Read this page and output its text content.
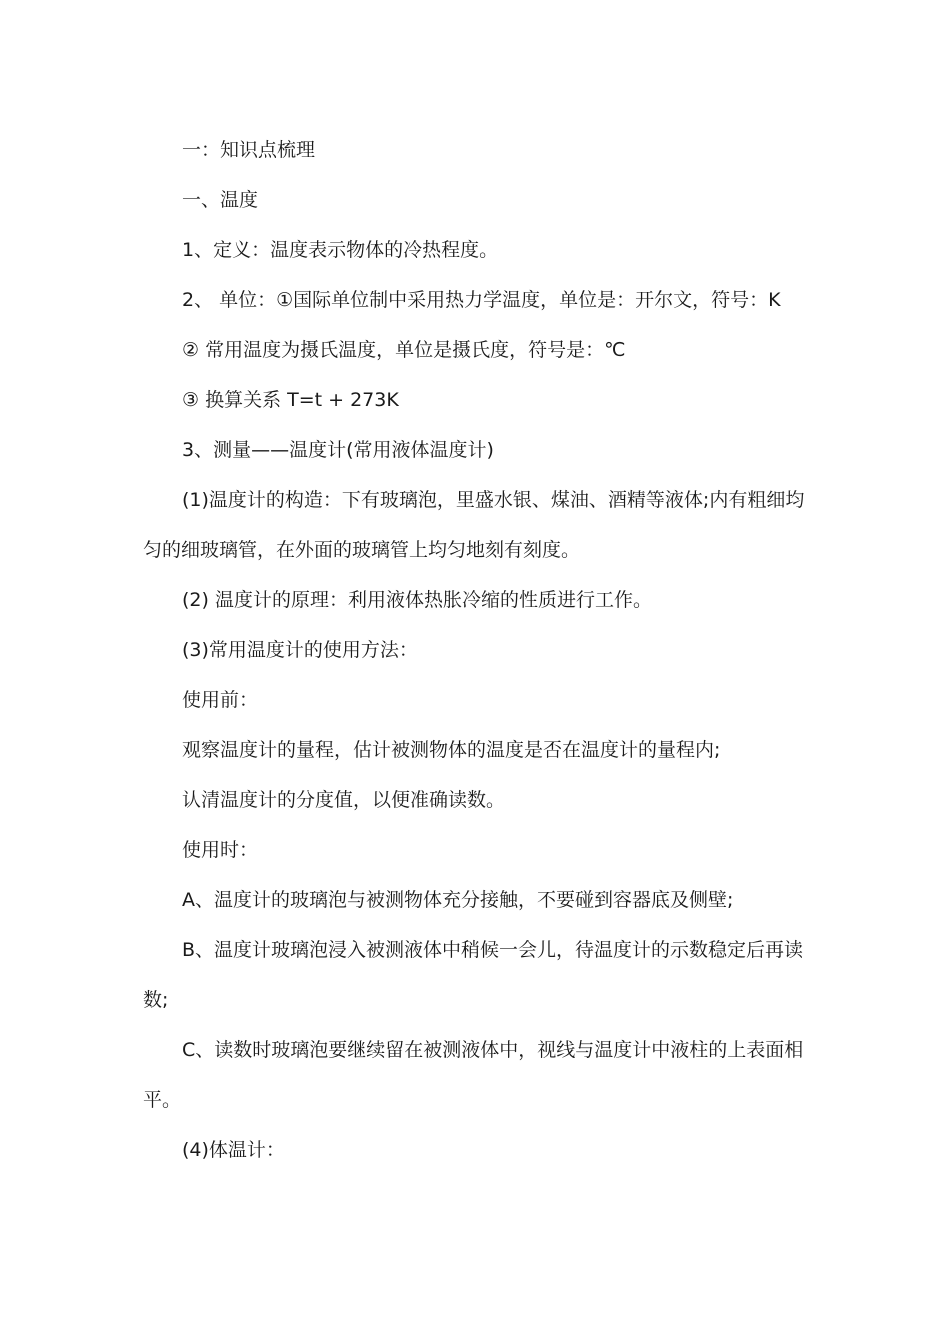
一：知识点梳理

一、温度

1、定义：温度表示物体的冷热程度。

2、 单位：①国际单位制中采用热力学温度，单位是：开尔文，符号：K

② 常用温度为摄氏温度，单位是摄氏度，符号是：℃

③ 换算关系 T=t + 273K

3、测量——温度计(常用液体温度计)

(1)温度计的构造：下有玻璃泡，里盛水银、煤油、酒精等液体;内有粗细均匀的细玻璃管，在外面的玻璃管上均匀地刻有刻度。

(2) 温度计的原理：利用液体热胀冷缩的性质进行工作。

(3)常用温度计的使用方法：

使用前：

观察温度计的量程，估计被测物体的温度是否在温度计的量程内;

认清温度计的分度值，以便准确读数。

使用时：

A、温度计的玻璃泡与被测物体充分接触，不要碰到容器底及侧壁;

B、温度计玻璃泡浸入被测液体中稍候一会儿，待温度计的示数稳定后再读数;

C、读数时玻璃泡要继续留在被测液体中，视线与温度计中液柱的上表面相平。

(4)体温计：
